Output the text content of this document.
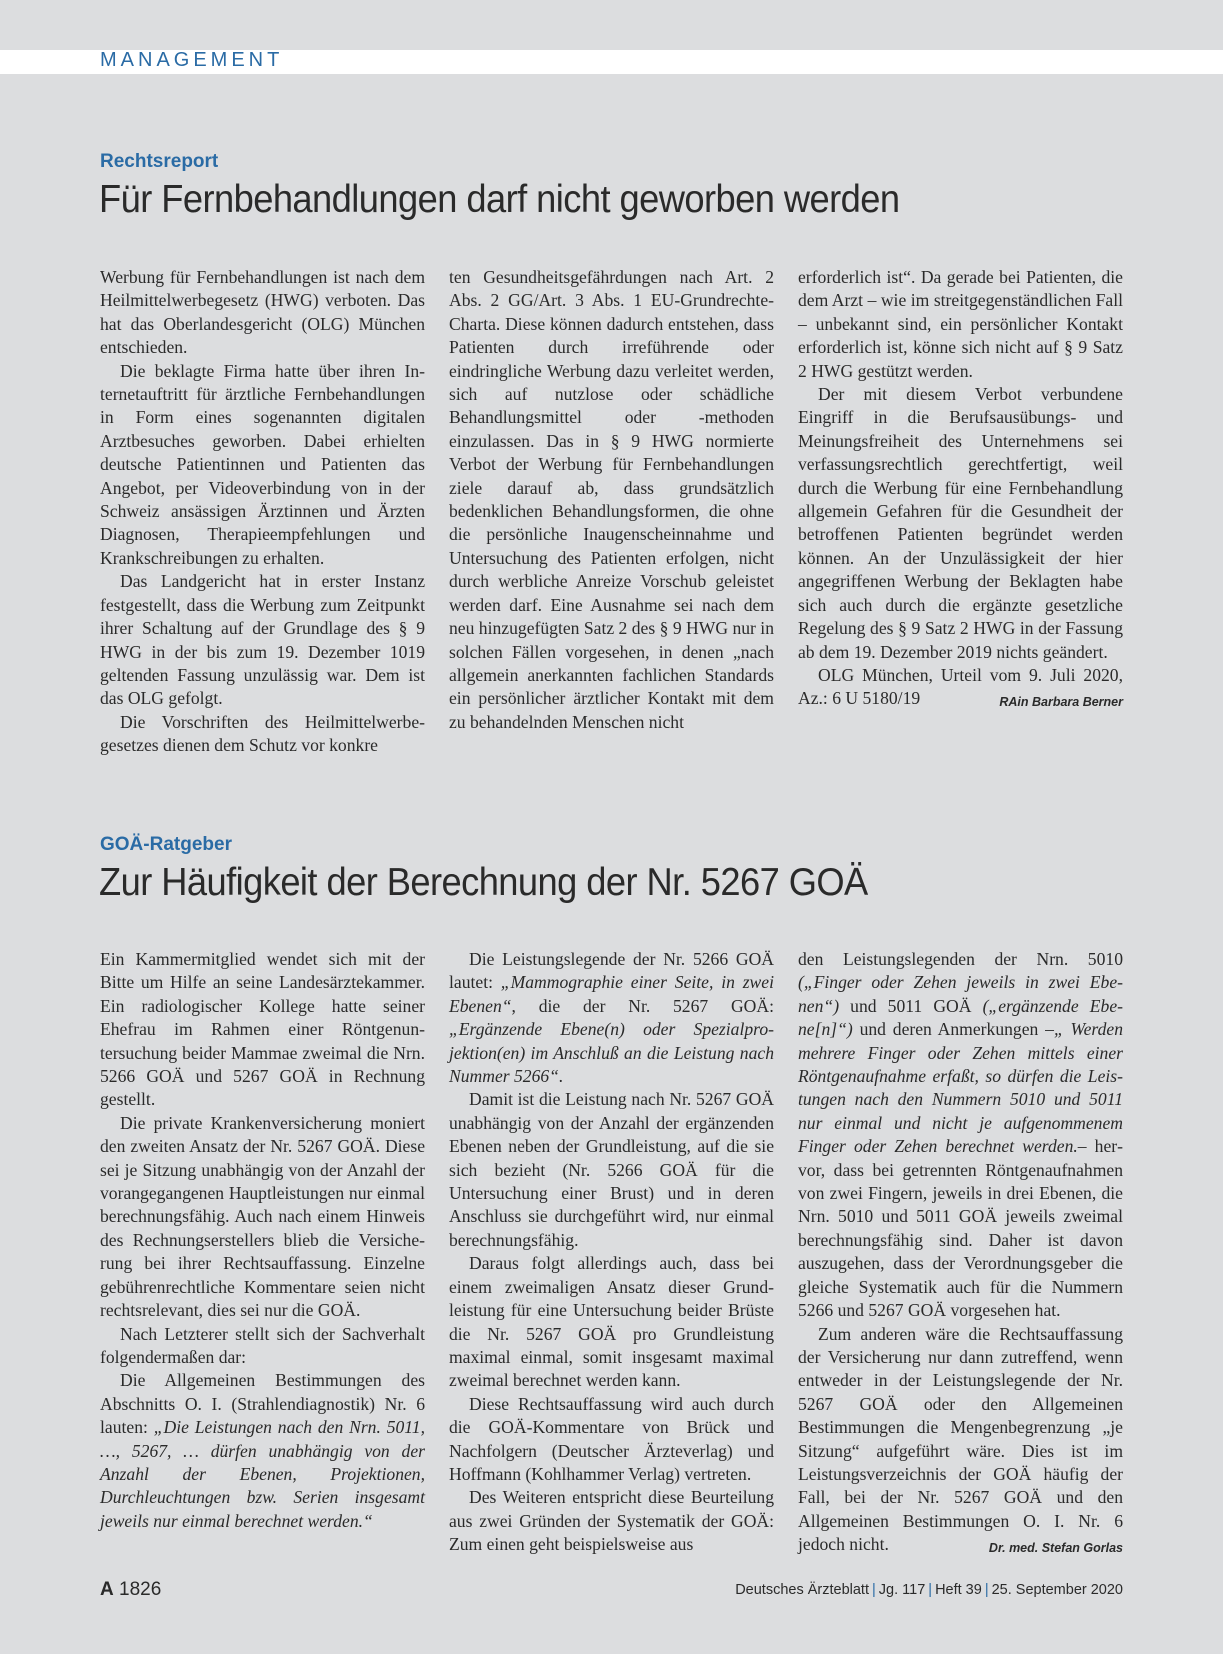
MANAGEMENT
Rechtsreport
Für Fernbehandlungen darf nicht geworben werden

Werbung für Fernbehandlungen ist nach dem Heilmittelwerbegesetz (HWG) verboten. Das hat das Oberlandesgericht (OLG) München entschieden.

Die beklagte Firma hatte über ihren Internetauftritt für ärztliche Fernbehandlungen in Form eines sogenannten digitalen Arztbesuches geworben. Dabei erhielten deutsche Patientinnen und Patienten das Angebot, per Videoverbindung von in der Schweiz ansässigen Ärztinnen und Ärzten Diagnosen, Therapieempfehlungen und Krankschreibungen zu erhalten.

Das Landgericht hat in erster Instanz festgestellt, dass die Werbung zum Zeitpunkt ihrer Schaltung auf der Grundlage des § 9 HWG in der bis zum 19. Dezember 1019 geltenden Fassung unzulässig war. Dem ist das OLG gefolgt.

Die Vorschriften des Heilmittelwerbegesetzes dienen dem Schutz vor konkre

ten Gesundheitsgefährdungen nach Art. 2 Abs. 2 GG/Art. 3 Abs. 1 EU-Grundrechte-Charta. Diese können dadurch entstehen, dass Patienten durch irreführende oder eindringliche Werbung dazu verleitet werden, sich auf nutzlose oder schädliche Behandlungsmittel oder -methoden einzulassen. Das in § 9 HWG normierte Verbot der Werbung für Fernbehandlungen ziele darauf ab, dass grundsätzlich bedenklichen Behandlungsformen, die ohne die persönliche Inaugenscheinnahme und Untersuchung des Patienten erfolgen, nicht durch werbliche Anreize Vorschub geleistet werden darf. Eine Ausnahme sei nach dem neu hinzugefügten Satz 2 des § 9 HWG nur in solchen Fällen vorgesehen, in denen „nach allgemein anerkannten fachlichen Standards ein persönlicher ärztlicher Kontakt mit dem zu behandelnden Menschen nicht

erforderlich ist“. Da gerade bei Patienten, die dem Arzt – wie im streitgegenständlichen Fall – unbekannt sind, ein persönlicher Kontakt erforderlich ist, könne sich nicht auf § 9 Satz 2 HWG gestützt werden.

Der mit diesem Verbot verbundene Eingriff in die Berufsausübungs- und Meinungsfreiheit des Unternehmens sei verfassungsrechtlich gerechtfertigt, weil durch die Werbung für eine Fernbehandlung allgemein Gefahren für die Gesundheit der betroffenen Patienten begründet werden können. An der Unzulässigkeit der hier angegriffenen Werbung der Beklagten habe sich auch durch die ergänzte gesetzliche Regelung des § 9 Satz 2 HWG in der Fassung ab dem 19. Dezember 2019 nichts geändert.

OLG München, Urteil vom 9. Juli 2020, Az.: 6 U 5180/19	RAin Barbara Berner

GOÄ-Ratgeber
Zur Häufigkeit der Berechnung der Nr. 5267 GOÄ

Ein Kammermitglied wendet sich mit der Bitte um Hilfe an seine Landesärztekammer. Ein radiologischer Kollege hatte seiner Ehefrau im Rahmen einer Röntgenuntersuchung beider Mammae zweimal die Nrn. 5266 GOÄ und 5267 GOÄ in Rechnung gestellt.

Die private Krankenversicherung moniert den zweiten Ansatz der Nr. 5267 GOÄ. Diese sei je Sitzung unabhängig von der Anzahl der vorangegangenen Hauptleistungen nur einmal berechnungsfähig. Auch nach einem Hinweis des Rechnungserstellers blieb die Versicherung bei ihrer Rechtsauffassung. Einzelne gebührenrechtliche Kommentare seien nicht rechtsrelevant, dies sei nur die GOÄ.

Nach Letzterer stellt sich der Sachverhalt folgendermaßen dar:

Die Allgemeinen Bestimmungen des Abschnitts O. I. (Strahlendiagnostik) Nr. 6 lauten: „Die Leistungen nach den Nrn. 5011, …, 5267, … dürfen unabhängig von der Anzahl der Ebenen, Projektionen, Durchleuchtungen bzw. Serien insgesamt jeweils nur einmal berechnet werden.“

Die Leistungslegende der Nr. 5266 GOÄ lautet: „Mammographie einer Seite, in zwei Ebenen“, die der Nr. 5267 GOÄ: „Ergänzende Ebene(n) oder Spezialprojektion(en) im Anschluß an die Leistung nach Nummer 5266“.

Damit ist die Leistung nach Nr. 5267 GOÄ unabhängig von der Anzahl der ergänzenden Ebenen neben der Grundleistung, auf die sie sich bezieht (Nr. 5266 GOÄ für die Untersuchung einer Brust) und in deren Anschluss sie durchgeführt wird, nur einmal berechnungsfähig.

Daraus folgt allerdings auch, dass bei einem zweimaligen Ansatz dieser Grundleistung für eine Untersuchung beider Brüste die Nr. 5267 GOÄ pro Grundleistung maximal einmal, somit insgesamt maximal zweimal berechnet werden kann.

Diese Rechtsauffassung wird auch durch die GOÄ-Kommentare von Brück und Nachfolgern (Deutscher Ärzteverlag) und Hoffmann (Kohlhammer Verlag) vertreten.

Des Weiteren entspricht diese Beurteilung aus zwei Gründen der Systematik der GOÄ: Zum einen geht beispielsweise aus

den Leistungslegenden der Nrn. 5010 („Finger oder Zehen jeweils in zwei Ebenen“) und 5011 GOÄ („ergänzende Ebene[n]“) und deren Anmerkungen –„ Werden mehrere Finger oder Zehen mittels einer Röntgenaufnahme erfaßt, so dürfen die Leistungen nach den Nummern 5010 und 5011 nur einmal und nicht je aufgenommenem Finger oder Zehen berechnet werden.– hervor, dass bei getrennten Röntgenaufnahmen von zwei Fingern, jeweils in drei Ebenen, die Nrn. 5010 und 5011 GOÄ jeweils zweimal berechnungsfähig sind. Daher ist davon auszugehen, dass der Verordnungsgeber die gleiche Systematik auch für die Nummern 5266 und 5267 GOÄ vorgesehen hat.

Zum anderen wäre die Rechtsauffassung der Versicherung nur dann zutreffend, wenn entweder in der Leistungslegende der Nr. 5267 GOÄ oder den Allgemeinen Bestimmungen die Mengenbegrenzung „je Sitzung“ aufgeführt wäre. Dies ist im Leistungsverzeichnis der GOÄ häufig der Fall, bei der Nr. 5267 GOÄ und den Allgemeinen Bestimmungen O. I. Nr. 6 jedoch nicht.	Dr. med. Stefan Gorlas

A 1826	Deutsches Ärzteblatt | Jg. 117 | Heft 39 | 25. September 2020
